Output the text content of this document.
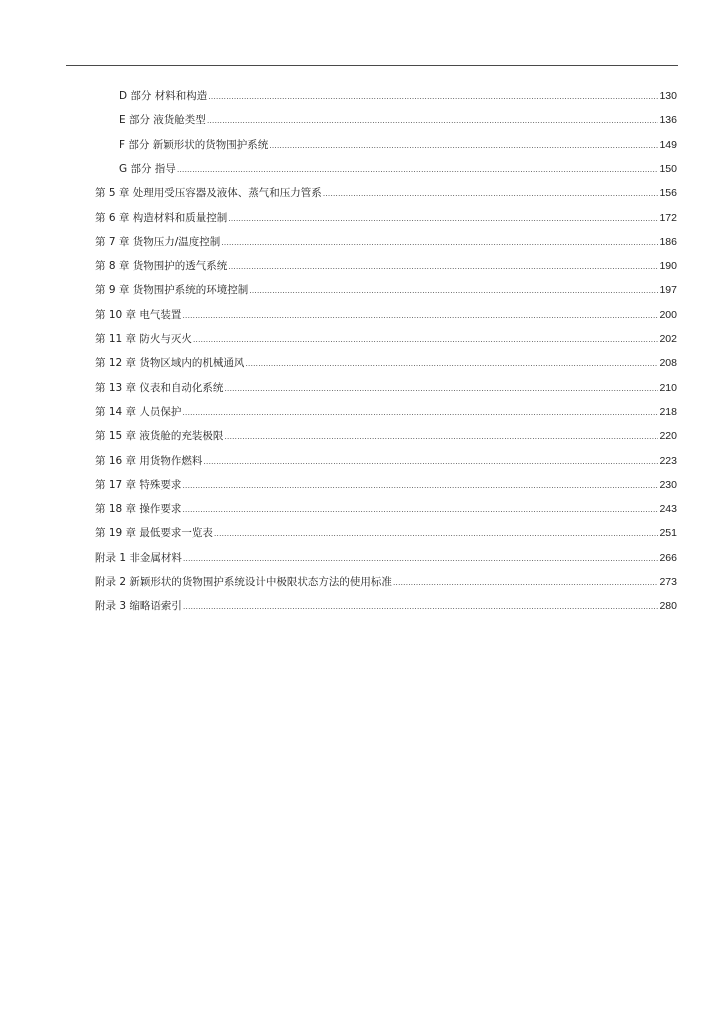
D 部分 材料和构造 .....	130
E 部分 液货舱类型 .....	136
F 部分 新颖形状的货物围护系统 .....	149
G 部分 指导 .....	150
第 5 章 处理用受压容器及液体、蒸气和压力管系 .....	156
第 6 章 构造材料和质量控制 .....	172
第 7 章 货物压力/温度控制 .....	186
第 8 章 货物围护的透气系统 .....	190
第 9 章 货物围护系统的环境控制 .....	197
第 10 章 电气装置 .....	200
第 11 章 防火与灭火 .....	202
第 12 章 货物区域内的机械通风 .....	208
第 13 章 仪表和自动化系统 .....	210
第 14 章 人员保护 .....	218
第 15 章 液货舱的充装极限 .....	220
第 16 章 用货物作燃料 .....	223
第 17 章 特殊要求 .....	230
第 18 章 操作要求 .....	243
第 19 章 最低要求一览表 .....	251
附录 1 非金属材料 .....	266
附录 2 新颖形状的货物围护系统设计中极限状态方法的使用标准 .....	273
附录 3 缩略语索引 .....	280
